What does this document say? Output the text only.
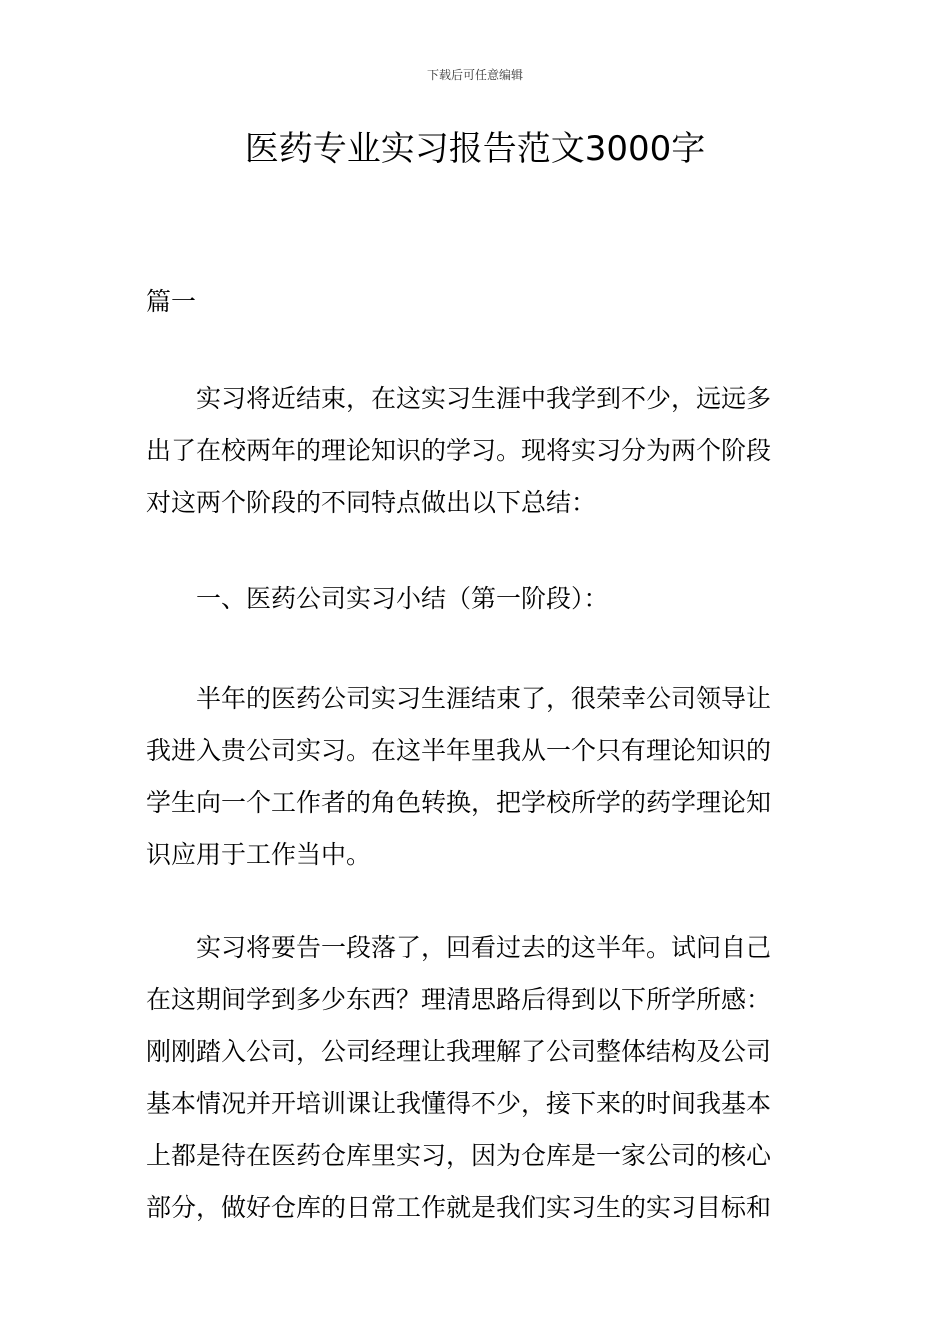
下载后可任意编辑
医药专业实习报告范文3000字
篇一
实习将近结束，在这实习生涯中我学到不少，远远多
出了在校两年的理论知识的学习。现将实习分为两个阶段
对这两个阶段的不同特点做出以下总结：
一、医药公司实习小结（第一阶段）：
半年的医药公司实习生涯结束了，很荣幸公司领导让
我进入贵公司实习。在这半年里我从一个只有理论知识的
学生向一个工作者的角色转换，把学校所学的药学理论知
识应用于工作当中。
实习将要告一段落了，回看过去的这半年。试问自己
在这期间学到多少东西？理清思路后得到以下所学所感：
刚刚踏入公司，公司经理让我理解了公司整体结构及公司
基本情况并开培训课让我懂得不少，接下来的时间我基本
上都是待在医药仓库里实习，因为仓库是一家公司的核心
部分，做好仓库的日常工作就是我们实习生的实习目标和
